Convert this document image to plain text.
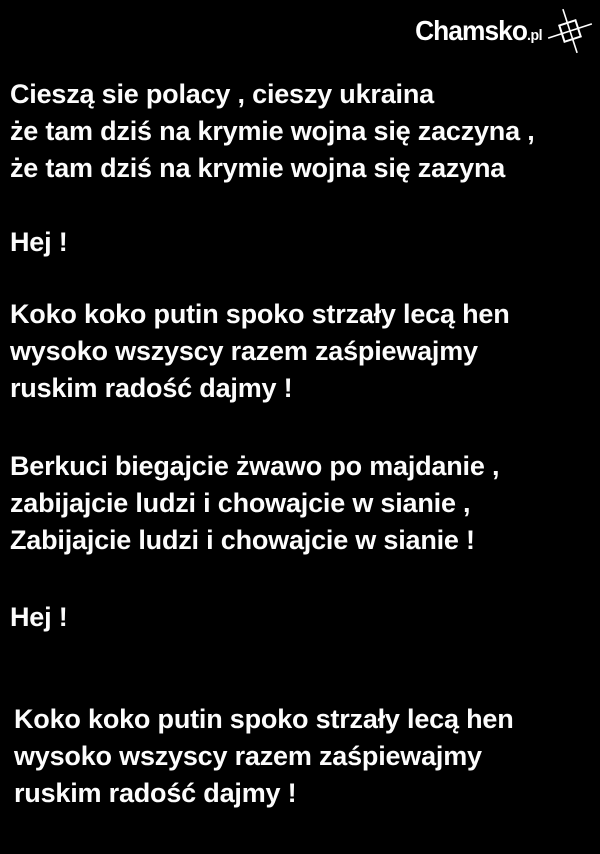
Chamsko .pl
Cieszą sie polacy , cieszy ukraina
że tam dziś na krymie wojna się zaczyna ,
że tam dziś na krymie wojna się zazyna
Hej !
Koko koko putin spoko strzały lecą hen
wysoko wszyscy razem zaśpiewajmy
ruskim radość dajmy !
Berkuci biegajcie żwawo po majdanie ,
zabijajcie ludzi i chowajcie w sianie ,
Zabijajcie ludzi i chowajcie w sianie !
Hej !
Koko koko putin spoko strzały lecą hen
wysoko wszyscy razem zaśpiewajmy
ruskim radość dajmy !
